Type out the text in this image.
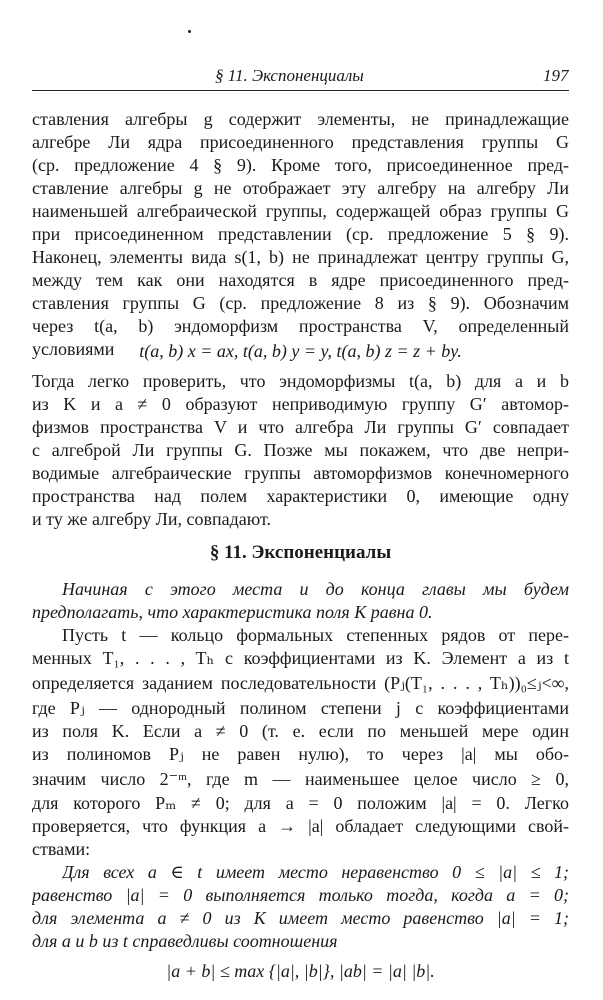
§ 11. Экспоненциалы	197
ставления алгебры g содержит элементы, не принадлежащие
алгебре Ли ядра присоединенного представления группы G
(ср. предложение 4 § 9). Кроме того, присоединенное пред-
ставление алгебры g не отображает эту алгебру на алгебру Ли
наименьшей алгебраической группы, содержащей образ группы G
при присоединенном представлении (ср. предложение 5 § 9).
Наконец, элементы вида s(1, b) не принадлежат центру группы G,
между тем как они находятся в ядре присоединенного пред-
ставления группы G (ср. предложение 8 из § 9). Обозначим
через t(a, b) эндоморфизм пространства V, определенный
условиями	t(a, b) x = ax, t(a, b) y = y, t(a, b) z = z + by.
Тогда легко проверить, что эндоморфизмы t(a, b) для a и b
из K и a ≠ 0 образуют неприводимую группу G′ автомор-
физмов пространства V и что алгебра Ли группы G′ совпадает
с алгеброй Ли группы G. Позже мы покажем, что две непри-
водимые алгебраические группы автоморфизмов конечномерного
пространства над полем характеристики 0, имеющие одну
и ту же алгебру Ли, совпадают.
§ 11. Экспоненциалы
Начиная с этого места и до конца главы мы будем
предполагать, что характеристика поля K равна 0.
Пусть t — кольцо формальных степенных рядов от пере-
менных T₁, . . . , Tₕ с коэффициентами из K. Элемент a из t
определяется заданием последовательности (Pⱼ(T₁, . . . , Tₕ))₀≤ⱼ<∞,
где Pⱼ — однородный полином степени j с коэффициентами
из поля K. Если a ≠ 0 (т. е. если по меньшей мере один
из полиномов Pⱼ не равен нулю), то через |a| мы обо-
значим число 2⁻ᵐ, где m — наименьшее целое число ≥ 0,
для которого Pₘ ≠ 0; для a = 0 положим |a| = 0. Легко
проверяется, что функция a → |a| обладает следующими свой-
ствами:
Для всех a ∈ t имеет место неравенство 0 ≤ |a| ≤ 1;
равенство |a| = 0 выполняется только тогда, когда a = 0;
для элемента a ≠ 0 из K имеет место равенство |a| = 1;
для a и b из t справедливы соотношения
|a + b| ≤ max {|a|, |b|}, |ab| = |a| |b|.
